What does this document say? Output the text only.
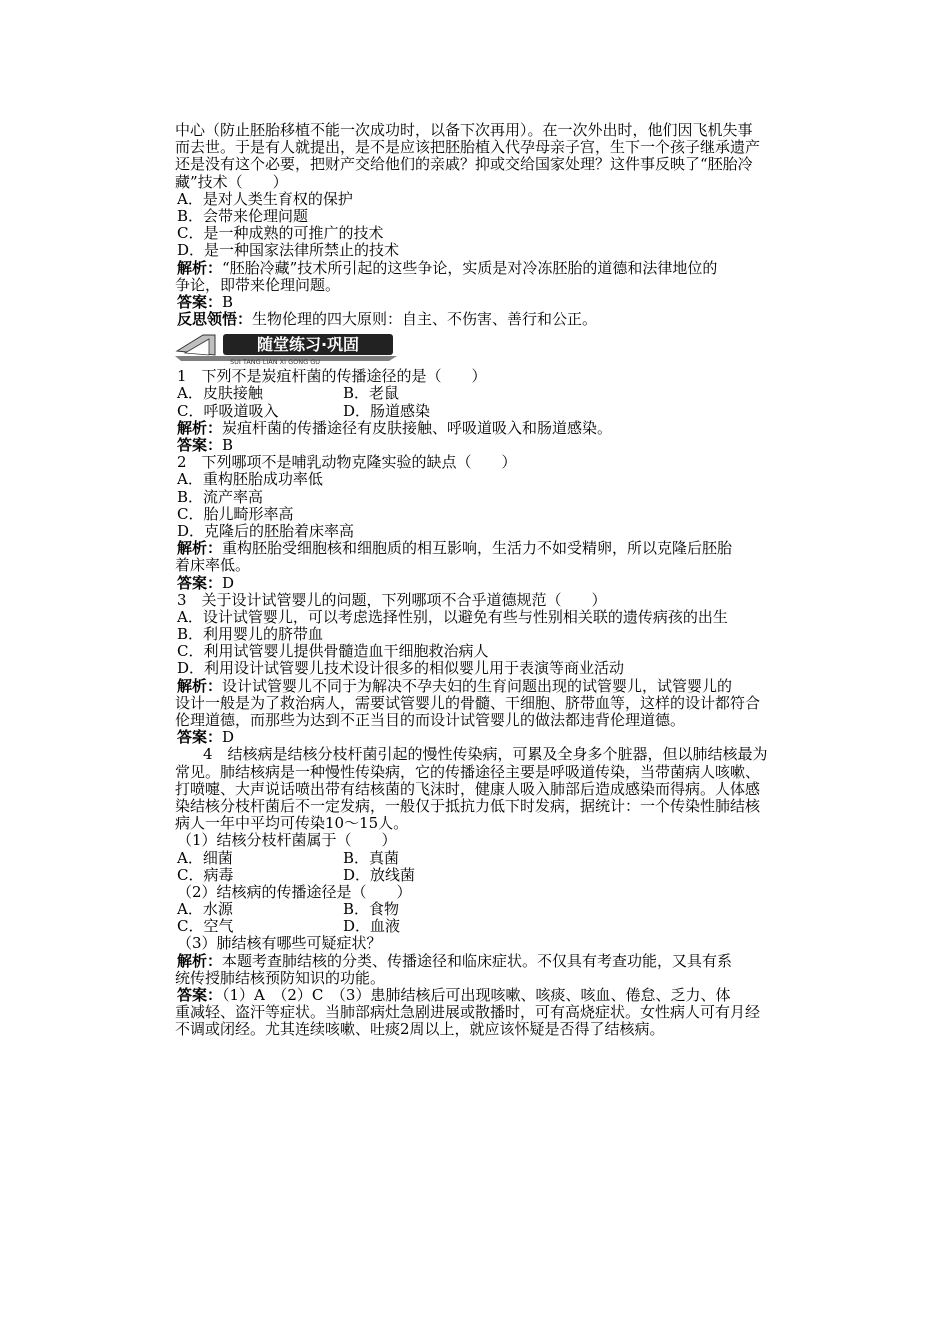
中心（防止胚胎移植不能一次成功时，以备下次再用）。在一次外出时，他们因飞机失事
而去世。于是有人就提出，是不是应该把胚胎植入代孕母亲子宫，生下一个孩子继承遗产
还是没有这个必要，把财产交给他们的亲戚？抑或交给国家处理？这件事反映了“胚胎冷
藏”技术（　　）
A．是对人类生育权的保护
B．会带来伦理问题
C．是一种成熟的可推广的技术
D．是一种国家法律所禁止的技术
解析：“胚胎冷藏”技术所引起的这些争论，实质是对冷冻胚胎的道德和法律地位的
争论，即带来伦理问题。
答案：B
反思领悟：生物伦理的四大原则：自主、不伤害、善行和公正。
随堂练习·巩固
SUI TANG LIAN XI GONG GU
1　下列不是炭疽杆菌的传播途径的是（　　）
A．皮肤接触	B．老鼠
C．呼吸道吸入	D．肠道感染
解析：炭疽杆菌的传播途径有皮肤接触、呼吸道吸入和肠道感染。
答案：B
2　下列哪项不是哺乳动物克隆实验的缺点（　　）
A．重构胚胎成功率低
B．流产率高
C．胎儿畸形率高
D．克隆后的胚胎着床率高
解析：重构胚胎受细胞核和细胞质的相互影响，生活力不如受精卵，所以克隆后胚胎
着床率低。
答案：D
3　关于设计试管婴儿的问题，下列哪项不合乎道德规范（　　）
A．设计试管婴儿，可以考虑选择性别，以避免有些与性别相关联的遗传病孩的出生
B．利用婴儿的脐带血
C．利用试管婴儿提供骨髓造血干细胞救治病人
D．利用设计试管婴儿技术设计很多的相似婴儿用于表演等商业活动
解析：设计试管婴儿不同于为解决不孕夫妇的生育问题出现的试管婴儿，试管婴儿的
设计一般是为了救治病人，需要试管婴儿的骨髓、干细胞、脐带血等，这样的设计都符合
伦理道德，而那些为达到不正当目的而设计试管婴儿的做法都违背伦理道德。
答案：D
4　结核病是结核分枝杆菌引起的慢性传染病，可累及全身多个脏器，但以肺结核最为
常见。肺结核病是一种慢性传染病，它的传播途径主要是呼吸道传染，当带菌病人咳嗽、
打喷嚏、大声说话喷出带有结核菌的飞沫时，健康人吸入肺部后造成感染而得病。人体感
染结核分枝杆菌后不一定发病，一般仅于抵抗力低下时发病，据统计：一个传染性肺结核
病人一年中平均可传染10～15人。
（1）结核分枝杆菌属于（　　）
A．细菌	B．真菌
C．病毒	D．放线菌
（2）结核病的传播途径是（　　）
A．水源	B．食物
C．空气	D．血液
（3）肺结核有哪些可疑症状？
解析：本题考查肺结核的分类、传播途径和临床症状。不仅具有考查功能，又具有系
统传授肺结核预防知识的功能。
答案：（1）A　（2）C　（3）患肺结核后可出现咳嗽、咳痰、咳血、倦怠、乏力、体
重减轻、盗汗等症状。当肺部病灶急剧进展或散播时，可有高烧症状。女性病人可有月经
不调或闭经。尤其连续咳嗽、吐痰2周以上，就应该怀疑是否得了结核病。
